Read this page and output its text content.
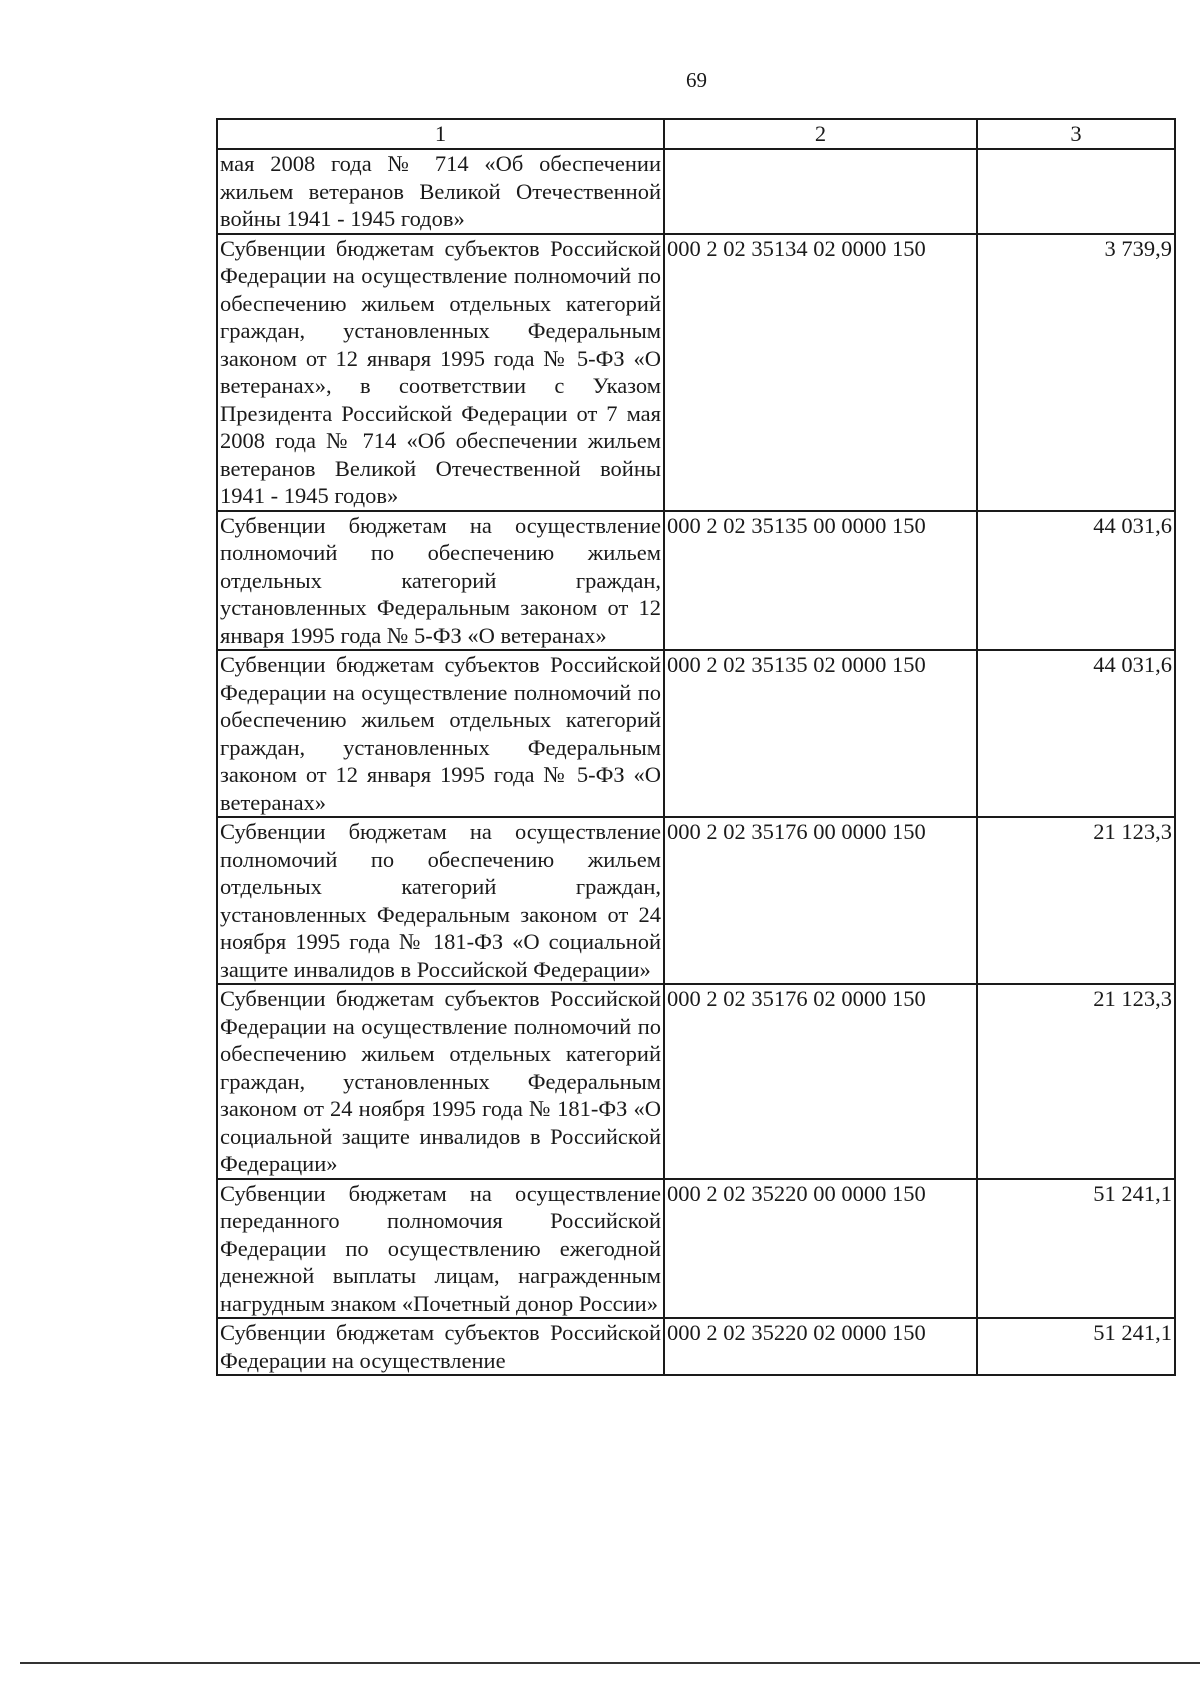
69
1	2	3
мая 2008 года № 714 «Об обеспечении жильем ветеранов Великой Отечественной войны 1941 - 1945 годов»		
Субвенции бюджетам субъектов Российской Федерации на осуществление полномочий по обеспечению жильем отдельных категорий граждан, установленных Федеральным законом от 12 января 1995 года № 5-ФЗ «О ветеранах», в соответствии с Указом Президента Российской Федерации от 7 мая 2008 года № 714 «Об обеспечении жильем ветеранов Великой Отечественной войны 1941 - 1945 годов»	000 2 02 35134 02 0000 150	3 739,9
Субвенции бюджетам на осуществление полномочий по обеспечению жильем отдельных категорий граждан, установленных Федеральным законом от 12 января 1995 года № 5-ФЗ «О ветеранах»	000 2 02 35135 00 0000 150	44 031,6
Субвенции бюджетам субъектов Российской Федерации на осуществление полномочий по обеспечению жильем отдельных категорий граждан, установленных Федеральным законом от 12 января 1995 года № 5-ФЗ «О ветеранах»	000 2 02 35135 02 0000 150	44 031,6
Субвенции бюджетам на осуществление полномочий по обеспечению жильем отдельных категорий граждан, установленных Федеральным законом от 24 ноября 1995 года № 181-ФЗ «О социальной защите инвалидов в Российской Федерации»	000 2 02 35176 00 0000 150	21 123,3
Субвенции бюджетам субъектов Российской Федерации на осуществление полномочий по обеспечению жильем отдельных категорий граждан, установленных Федеральным законом от 24 ноября 1995 года № 181-ФЗ «О социальной защите инвалидов в Российской Федерации»	000 2 02 35176 02 0000 150	21 123,3
Субвенции бюджетам на осуществление переданного полномочия Российской Федерации по осуществлению ежегодной денежной выплаты лицам, награжденным нагрудным знаком «Почетный донор России»	000 2 02 35220 00 0000 150	51 241,1
Субвенции бюджетам субъектов Российской Федерации на осуществление	000 2 02 35220 02 0000 150	51 241,1
